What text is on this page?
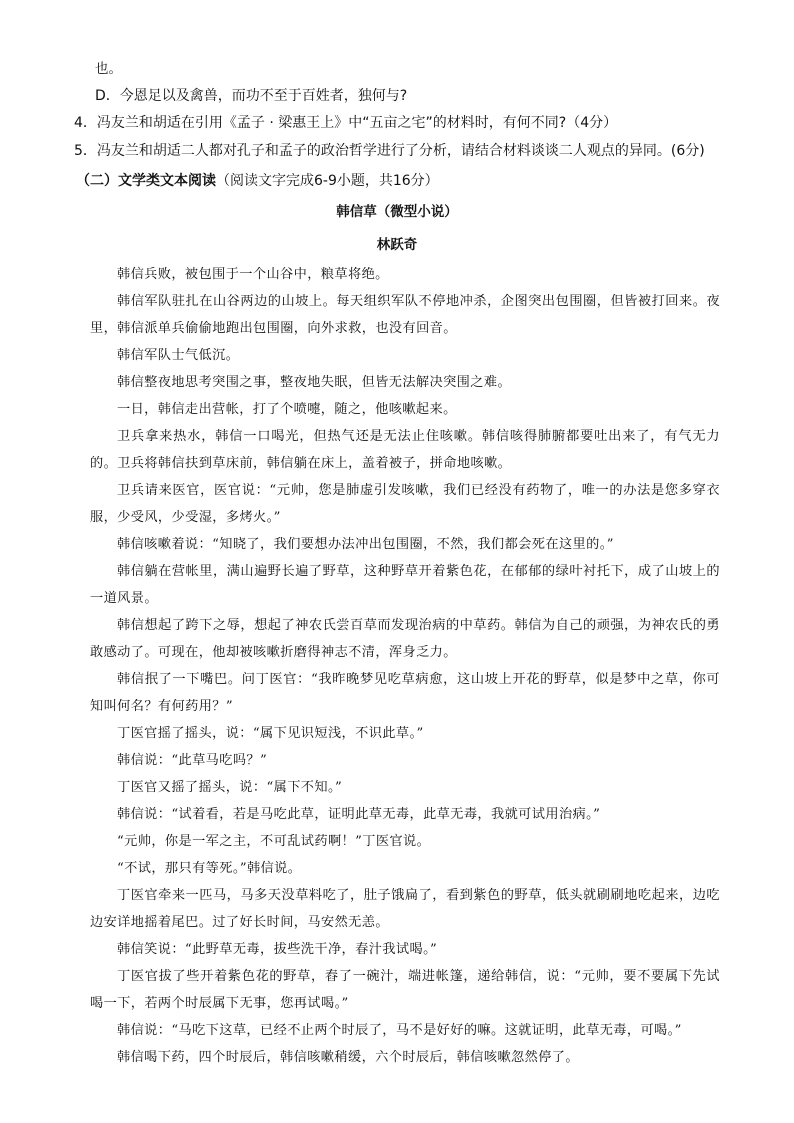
也。
D．今恩足以及禽兽，而功不至于百姓者，独何与?
4．冯友兰和胡适在引用《孟子 · 梁惠王上》中“五亩之宅”的材料时，有何不同?（4分）
5．冯友兰和胡适二人都对孔子和孟子的政治哲学进行了分析，请结合材料谈谈二人观点的异同。(6分)
（二）文学类文本阅读（阅读文字完成6-9小题，共16分）
韩信草（微型小说）
林跃奇
韩信兵败，被包围于一个山谷中，粮草将绝。
韩信军队驻扎在山谷两边的山坡上。每天组织军队不停地冲杀，企图突出包围圈，但皆被打回来。夜里，韩信派单兵偷偷地跑出包围圈，向外求救，也没有回音。
韩信军队士气低沉。
韩信整夜地思考突围之事，整夜地失眠，但皆无法解决突围之难。
一日，韩信走出营帐，打了个喷嚏，随之，他咳嗽起来。
卫兵拿来热水，韩信一口喝光，但热气还是无法止住咳嗽。韩信咳得肺腑都要吐出来了，有气无力的。卫兵将韩信扶到草床前，韩信躺在床上，盖着被子，拼命地咳嗽。
卫兵请来医官，医官说：“元帅，您是肺虚引发咳嗽，我们已经没有药物了，唯一的办法是您多穿衣服，少受风，少受湿，多烤火。”
韩信咳嗽着说：“知晓了，我们要想办法冲出包围圈，不然，我们都会死在这里的。”
韩信躺在营帐里，满山遍野长遍了野草，这种野草开着紫色花，在郁郁的绿叶衬托下，成了山坡上的一道风景。
韩信想起了跨下之辱，想起了神农氏尝百草而发现治病的中草药。韩信为自己的顽强，为神农氏的勇敢感动了。可现在，他却被咳嗽折磨得神志不清，浑身乏力。
韩信抿了一下嘴巴。问丁医官：“我昨晚梦见吃草病愈，这山坡上开花的野草，似是梦中之草，你可知叫何名？有何药用？”
丁医官摇了摇头，说：“属下见识短浅，不识此草。”
韩信说：“此草马吃吗？”
丁医官又摇了摇头，说：“属下不知。”
韩信说：“试着看，若是马吃此草，证明此草无毒，此草无毒，我就可试用治病。”
“元帅，你是一军之主，不可乱试药啊！”丁医官说。
“不试，那只有等死。”韩信说。
丁医官牵来一匹马，马多天没草料吃了，肚子饿扁了，看到紫色的野草，低头就刷刷地吃起来，边吃边安详地摇着尾巴。过了好长时间，马安然无恙。
韩信笑说：“此野草无毒，拔些洗干净，春汁我试喝。”
丁医官拔了些开着紫色花的野草，舂了一碗汁，端进帐篷，递给韩信，说：“元帅，要不要属下先试喝一下，若两个时辰属下无事，您再试喝。”
韩信说：“马吃下这草，已经不止两个时辰了，马不是好好的嘛。这就证明，此草无毒，可喝。”
韩信喝下药，四个时辰后，韩信咳嗽稍缓，六个时辰后，韩信咳嗽忽然停了。
